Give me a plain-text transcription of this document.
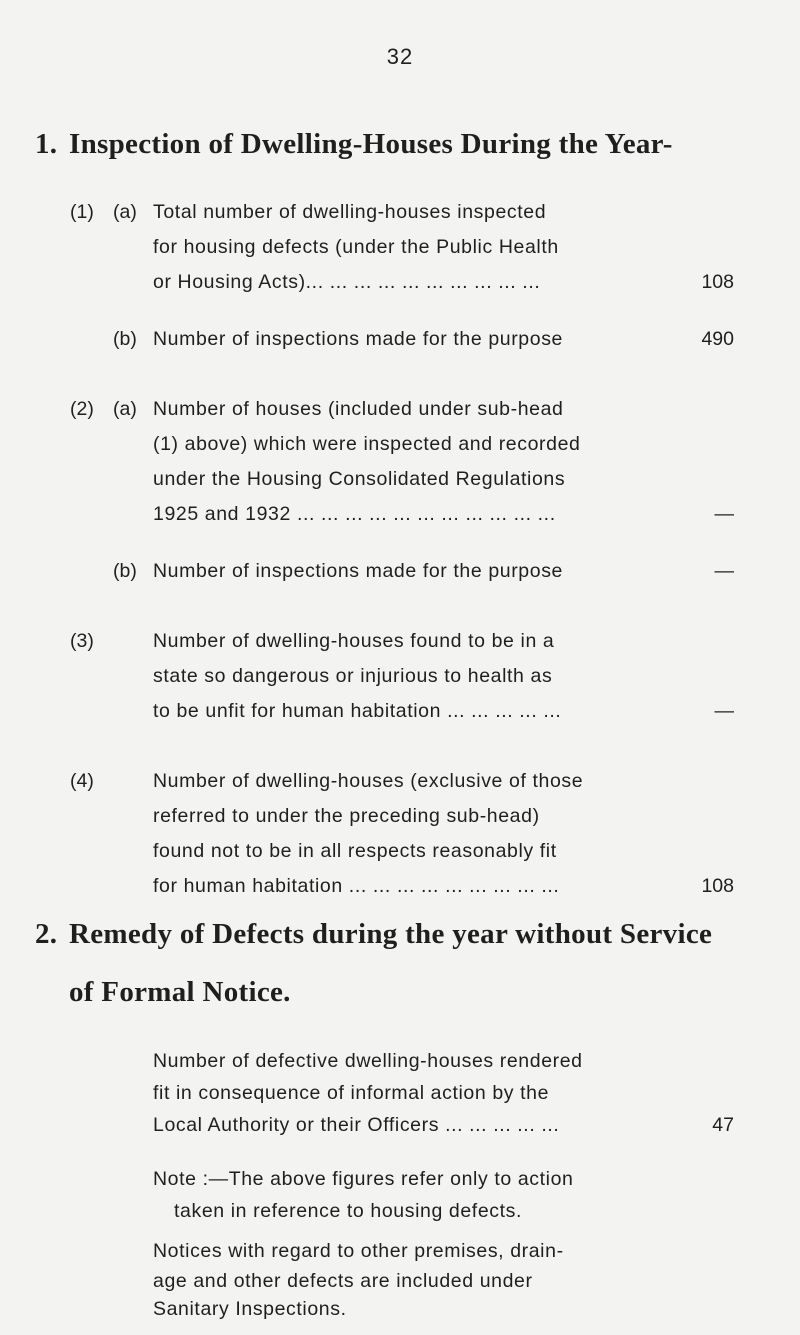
32
1. Inspection of Dwelling-Houses During the Year-

(1) (a) Total number of dwelling-houses inspected

for housing defects (under the Public Health

or Housing Acts)... ... ... ... ... ... ... ... ... ...	108

(b) Number of inspections made for the purpose	490

(2) (a) Number of houses (included under sub-head

(1) above) which were inspected and recorded

under the Housing Consolidated Regulations

1925 and 1932 ... ... ... ... ... ... ... ... ... ... ...	—

(b) Number of inspections made for the purpose	—

(3)	Number of dwelling-houses found to be in a

state so dangerous or injurious to health as

to be unfit for human habitation ... ... ... ... ...	—

(4)	Number of dwelling-houses (exclusive of those

referred to under the preceding sub-head)

found not to be in all respects reasonably fit

for human habitation ... ... ... ... ... ... ... ... ...	108

2. Remedy of Defects during the year without Service
of Formal Notice.

Number of defective dwelling-houses rendered

fit in consequence of informal action by the

Local Authority or their Officers ... ... ... ... ...	47

Note :—The above figures refer only to action

taken in reference to housing defects.

Notices with regard to other premises, drain-

age and other defects are included under

Sanitary Inspections.
